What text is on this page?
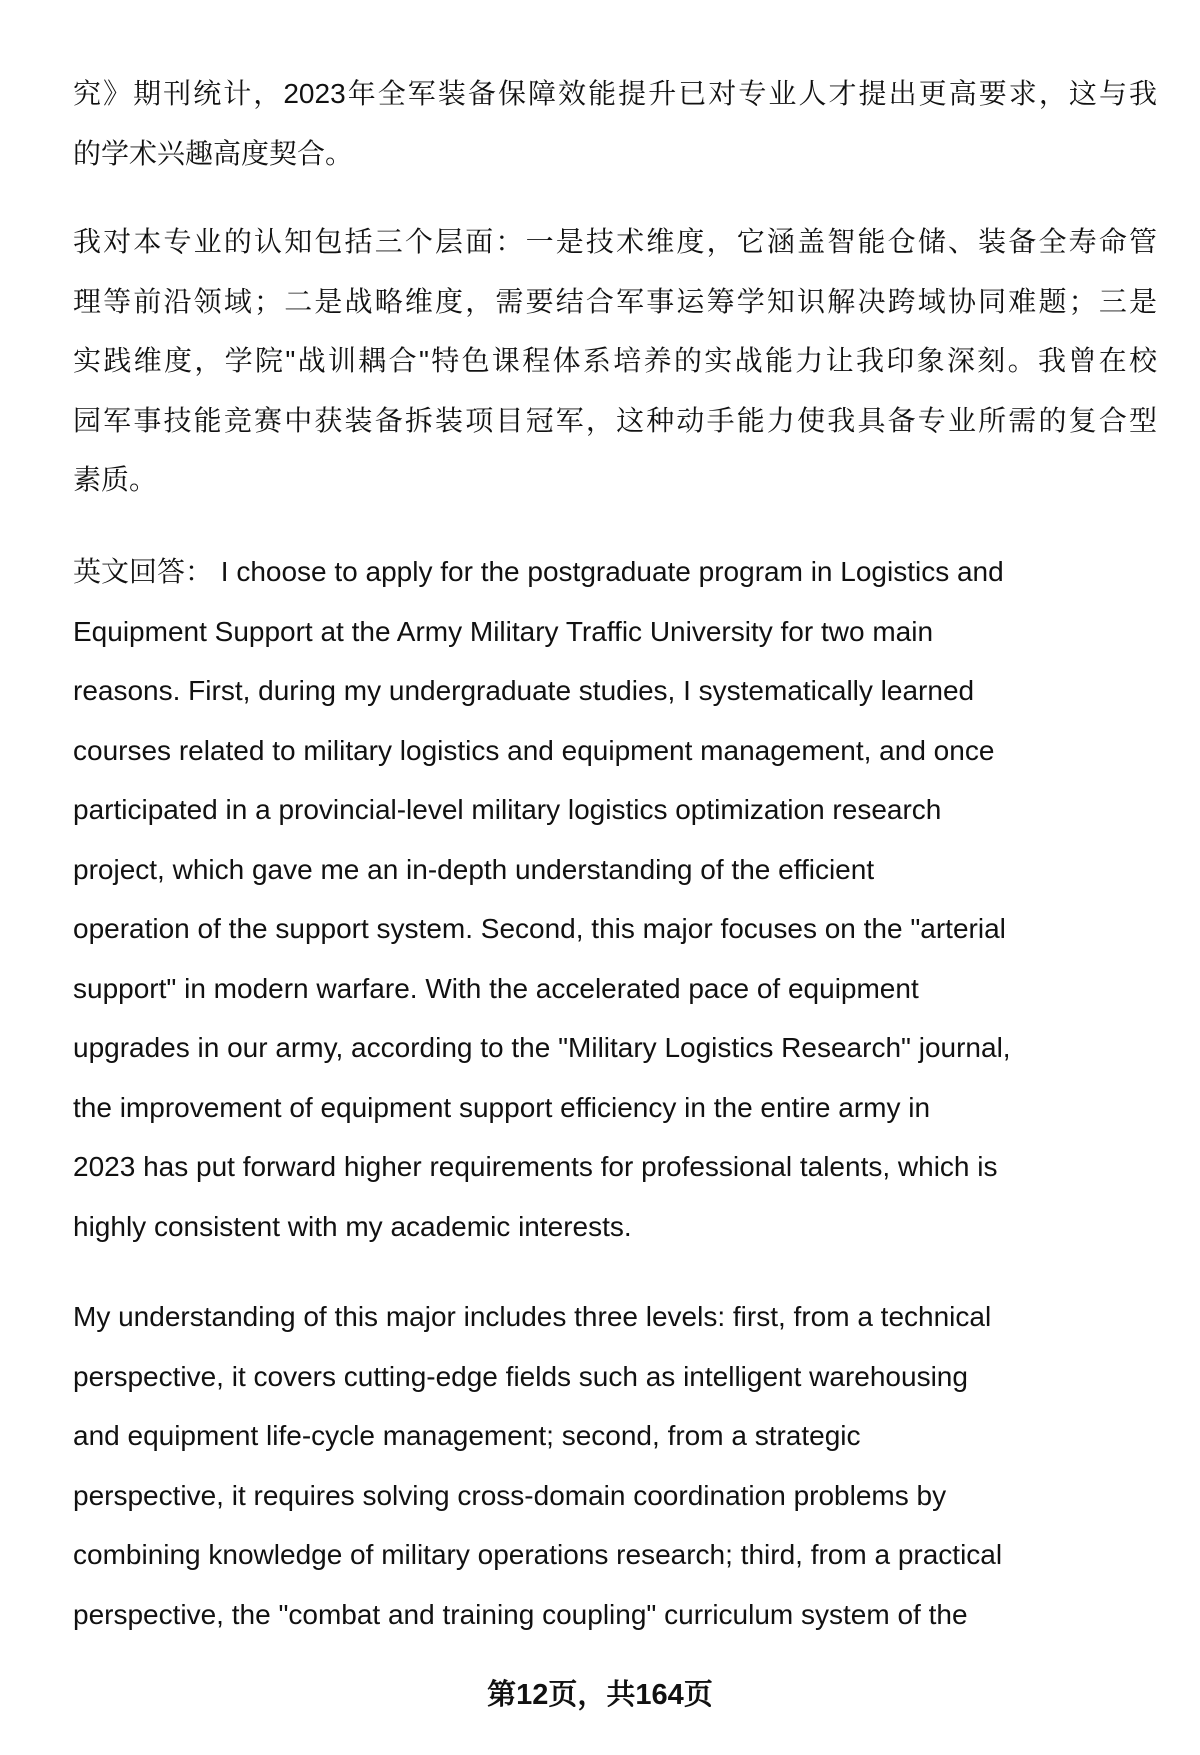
究》期刊统计，2023年全军装备保障效能提升已对专业人才提出更高要求，这与我
的学术兴趣高度契合。
我对本专业的认知包括三个层面：一是技术维度，它涵盖智能仓储、装备全寿命管
理等前沿领域；二是战略维度，需要结合军事运筹学知识解决跨域协同难题；三是
实践维度，学院"战训耦合"特色课程体系培养的实战能力让我印象深刻。我曾在校
园军事技能竞赛中获装备拆装项目冠军，这种动手能力使我具备专业所需的复合型
素质。
英文回答： I choose to apply for the postgraduate program in Logistics and
Equipment Support at the Army Military Traffic University for two main
reasons. First, during my undergraduate studies, I systematically learned
courses related to military logistics and equipment management, and once
participated in a provincial-level military logistics optimization research
project, which gave me an in-depth understanding of the efficient
operation of the support system. Second, this major focuses on the "arterial
support" in modern warfare. With the accelerated pace of equipment
upgrades in our army, according to the "Military Logistics Research" journal,
the improvement of equipment support efficiency in the entire army in
2023 has put forward higher requirements for professional talents, which is
highly consistent with my academic interests.
My understanding of this major includes three levels: first, from a technical
perspective, it covers cutting-edge fields such as intelligent warehousing
and equipment life-cycle management; second, from a strategic
perspective, it requires solving cross-domain coordination problems by
combining knowledge of military operations research; third, from a practical
perspective, the "combat and training coupling" curriculum system of the
第12页，共164页
